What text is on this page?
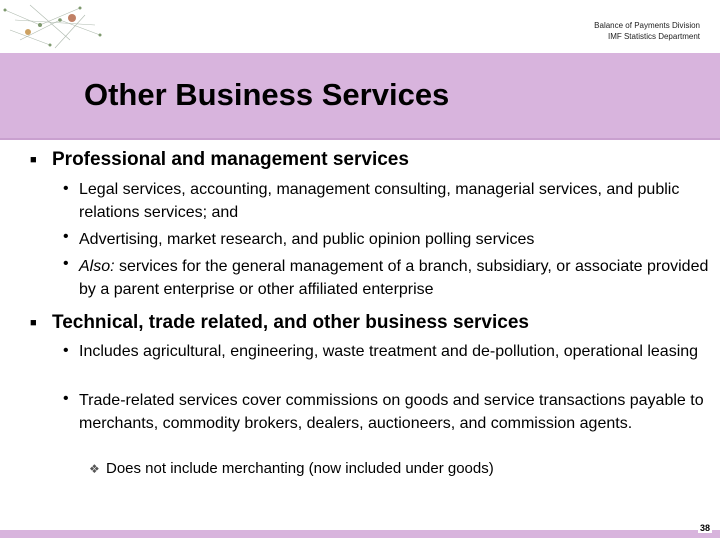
Balance of Payments Division
IMF Statistics Department
Other Business Services
■ Professional and management services
• Legal services, accounting, management consulting, managerial services, and public relations services; and
• Advertising, market research, and public opinion polling services
• Also: services for the general management of a branch, subsidiary, or associate provided by a parent enterprise or other affiliated enterprise
■ Technical, trade related, and other business services
• Includes agricultural, engineering, waste treatment and de-pollution, operational leasing
• Trade-related services cover commissions on goods and service transactions payable to merchants, commodity brokers, dealers, auctioneers, and commission agents.
❖ Does not include merchanting (now included under goods)
38
